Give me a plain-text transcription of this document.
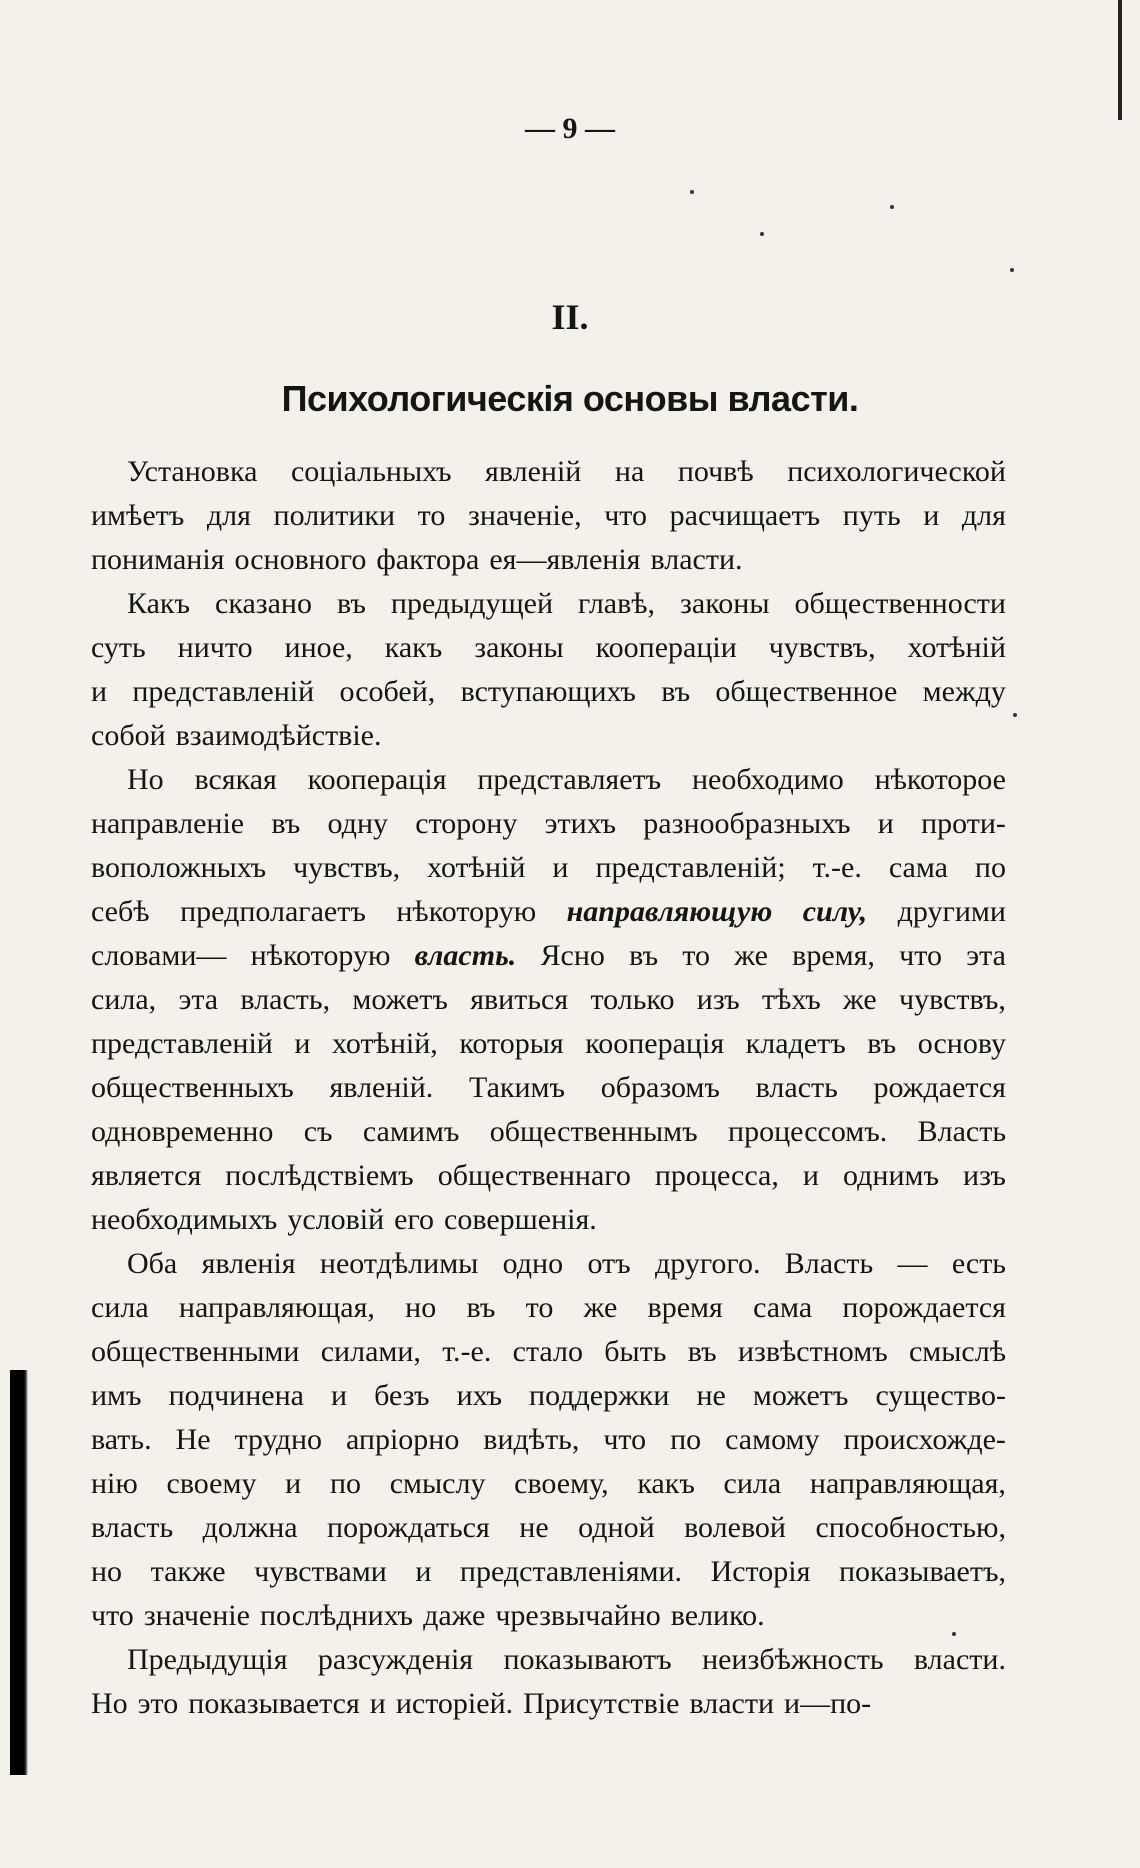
— 9 —
II.
Психологическія основы власти.
Установка соціальныхъ явленій на почвѣ психологической
имѣетъ для политики то значеніе, что расчищаетъ путь и для
пониманія основного фактора ея—явленія власти.
Какъ сказано въ предыдущей главѣ, законы общественности
суть ничто иное, какъ законы коопераціи чувствъ, хотѣній
и представленій особей, вступающихъ въ общественное между
собой взаимодѣйствіе.
Но всякая кооперація представляетъ необходимо нѣкоторое
направленіе въ одну сторону этихъ разнообразныхъ и проти-
воположныхъ чувствъ, хотѣній и представленій; т.-е. сама по
себѣ предполагаетъ нѣкоторую направляющую силу, другими
словами— нѣкоторую власть. Ясно въ то же время, что эта
сила, эта власть, можетъ явиться только изъ тѣхъ же чувствъ,
представленій и хотѣній, которыя кооперація кладетъ въ основу
общественныхъ явленій. Такимъ образомъ власть рождается
одновременно съ самимъ общественнымъ процессомъ. Власть
является послѣдствіемъ общественнаго процесса, и однимъ изъ
необходимыхъ условій его совершенія.
Оба явленія неотдѣлимы одно отъ другого. Власть — есть
сила направляющая, но въ то же время сама порождается
общественными силами, т.-е. стало быть въ извѣстномъ смыслѣ
имъ подчинена и безъ ихъ поддержки не можетъ существо-
вать. Не трудно апріорно видѣть, что по самому происхожде-
нію своему и по смыслу своему, какъ сила направляющая,
власть должна порождаться не одной волевой способностью,
но также чувствами и представленіями. Исторія показываетъ,
что значеніе послѣднихъ даже чрезвычайно велико.
Предыдущія разсужденія показываютъ неизбѣжность власти.
Но это показывается и исторіей. Присутствіе власти и—по-
